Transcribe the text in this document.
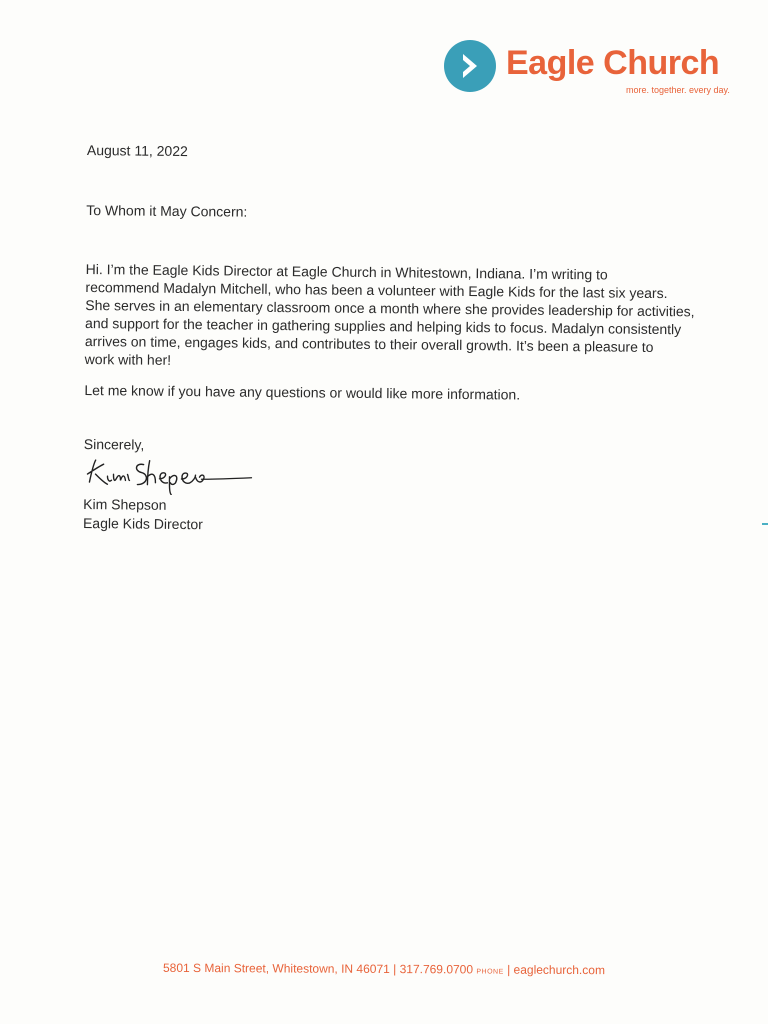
Eagle Church
more. together. every day.
August 11, 2022
To Whom it May Concern:
Hi. I’m the Eagle Kids Director at Eagle Church in Whitestown, Indiana. I’m writing to
recommend Madalyn Mitchell, who has been a volunteer with Eagle Kids for the last six years.
She serves in an elementary classroom once a month where she provides leadership for activities,
and support for the teacher in gathering supplies and helping kids to focus. Madalyn consistently
arrives on time, engages kids, and contributes to their overall growth. It’s been a pleasure to
work with her!
Let me know if you have any questions or would like more information.
Sincerely,
Kim Shepson
Eagle Kids Director
5801 S Main Street, Whitestown, IN 46071 | 317.769.0700 PHONE | eaglechurch.com
